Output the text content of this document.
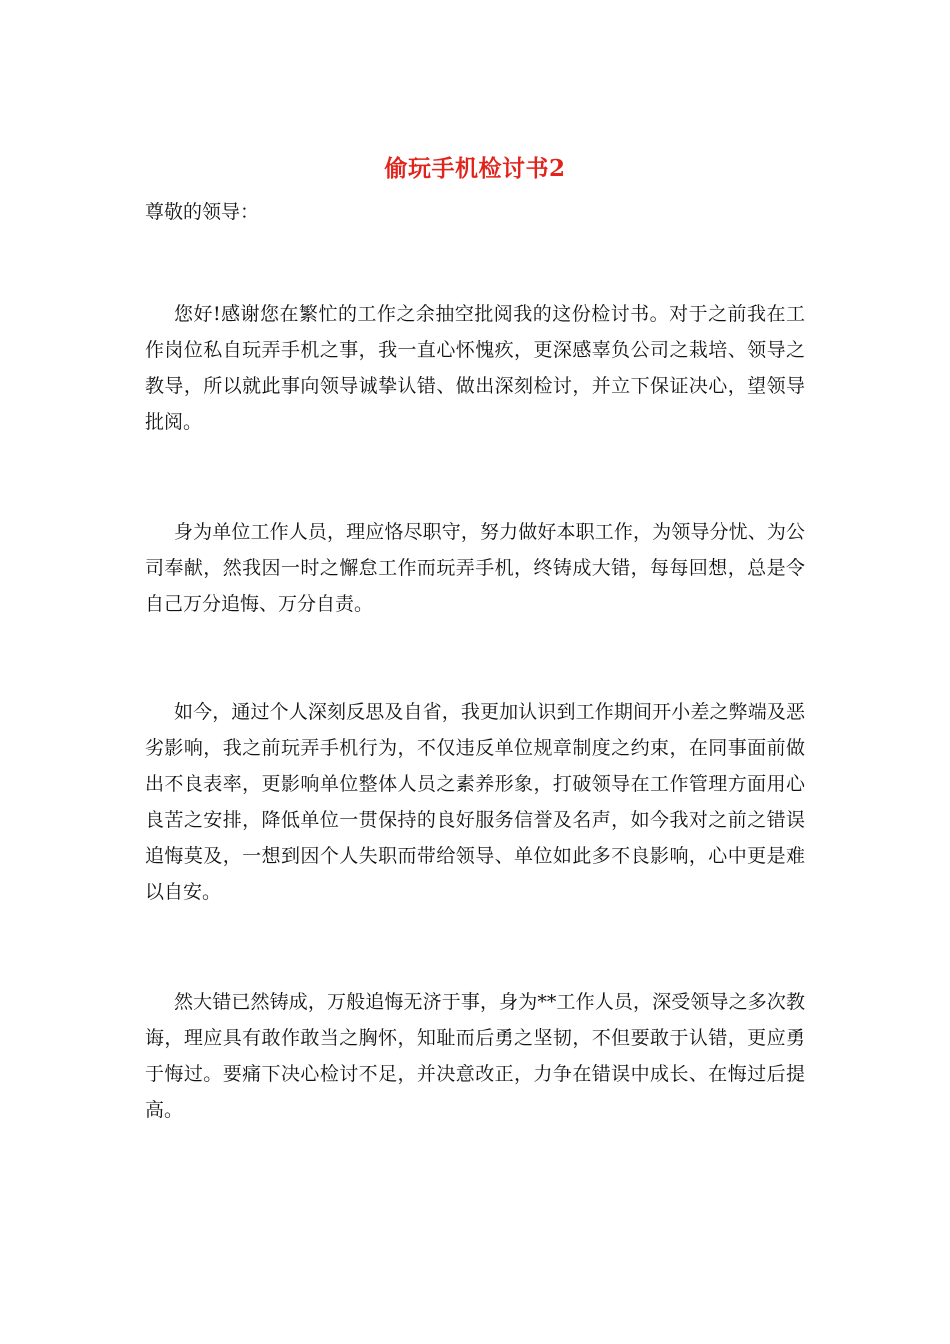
偷玩手机检讨书2

尊敬的领导：

您好!感谢您在繁忙的工作之余抽空批阅我的这份检讨书。对于之前我在工作岗位私自玩弄手机之事，我一直心怀愧疚，更深感辜负公司之栽培、领导之教导，所以就此事向领导诚挚认错、做出深刻检讨，并立下保证决心，望领导批阅。

身为单位工作人员，理应恪尽职守，努力做好本职工作，为领导分忧、为公司奉献，然我因一时之懈怠工作而玩弄手机，终铸成大错，每每回想，总是令自己万分追悔、万分自责。

如今，通过个人深刻反思及自省，我更加认识到工作期间开小差之弊端及恶劣影响，我之前玩弄手机行为，不仅违反单位规章制度之约束，在同事面前做出不良表率，更影响单位整体人员之素养形象，打破领导在工作管理方面用心良苦之安排，降低单位一贯保持的良好服务信誉及名声，如今我对之前之错误追悔莫及，一想到因个人失职而带给领导、单位如此多不良影响，心中更是难以自安。

然大错已然铸成，万般追悔无济于事，身为**工作人员，深受领导之多次教诲，理应具有敢作敢当之胸怀，知耻而后勇之坚韧，不但要敢于认错，更应勇于悔过。要痛下决心检讨不足，并决意改正，力争在错误中成长、在悔过后提高。
